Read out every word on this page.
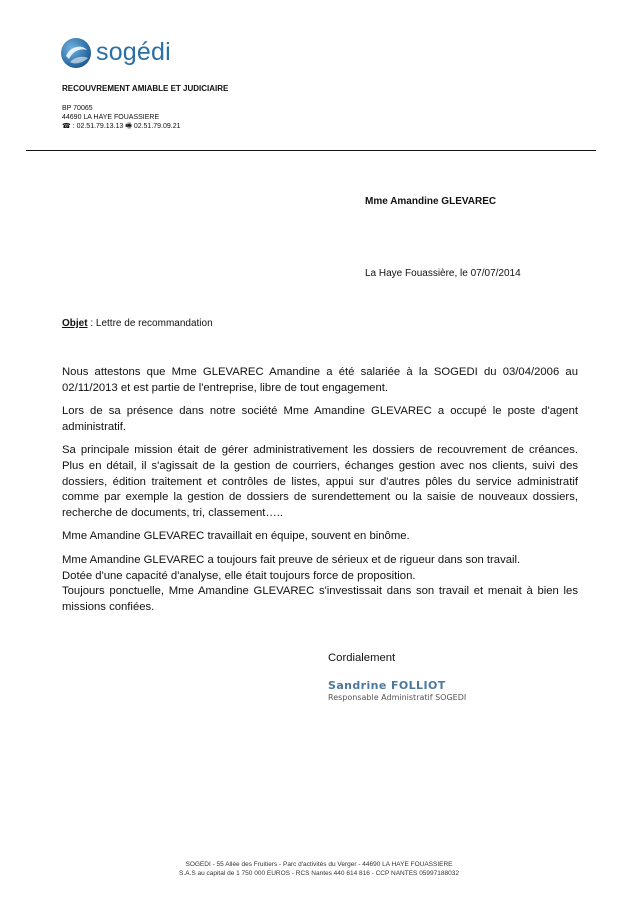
sogédi
RECOUVREMENT AMIABLE ET JUDICIAIRE
BP 70065
44690 LA HAYE FOUASSIERE
☎ : 02.51.79.13.13 🖷 02.51.79.09.21
Mme Amandine GLEVAREC
La Haye Fouassière, le 07/07/2014
Objet : Lettre de recommandation

Nous attestons que Mme GLEVAREC Amandine a été salariée à la SOGEDI du 03/04/2006 au 02/11/2013 et est partie de l'entreprise, libre de tout engagement.

Lors de sa présence dans notre société Mme Amandine GLEVAREC a occupé le poste d'agent administratif.

Sa principale mission était de gérer administrativement les dossiers de recouvrement de créances. Plus en détail, il s'agissait de la gestion de courriers, échanges gestion avec nos clients, suivi des dossiers, édition traitement et contrôles de listes, appui sur d'autres pôles du service administratif comme par exemple la gestion de dossiers de surendettement ou la saisie de nouveaux dossiers, recherche de documents, tri, classement…..

Mme Amandine GLEVAREC travaillait en équipe, souvent en binôme.

Mme Amandine GLEVAREC a toujours fait preuve de sérieux et de rigueur dans son travail.
Dotée d'une capacité d'analyse, elle était toujours force de proposition.
Toujours ponctuelle, Mme Amandine GLEVAREC s'investissait dans son travail et menait à bien les missions confiées.

Cordialement
Sandrine FOLLIOT
Responsable Administratif SOGEDI
SOGEDI - 55 Allée des Fruitiers - Parc d'activités du Verger - 44690 LA HAYE FOUASSIERE
S.A.S au capital de 1 750 000 EUROS - RCS Nantes 440 614 816 - CCP NANTES 05997188032
